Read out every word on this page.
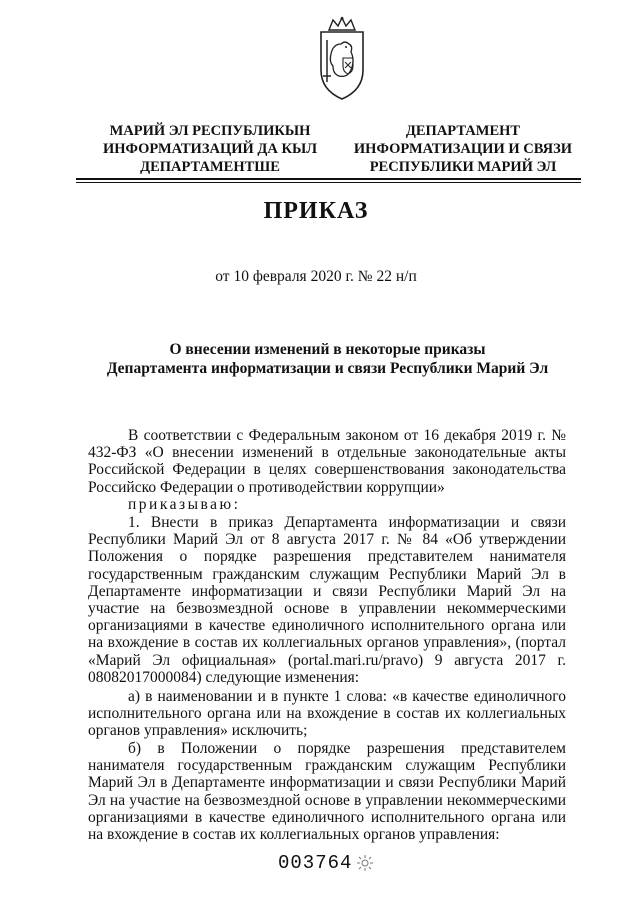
МАРИЙ ЭЛ РЕСПУБЛИКЫН
ИНФОРМАТИЗАЦИЙ ДА КЫЛ
ДЕПАРТАМЕНТШЕ
ДЕПАРТАМЕНТ
ИНФОРМАТИЗАЦИИ И СВЯЗИ
РЕСПУБЛИКИ МАРИЙ ЭЛ
ПРИКАЗ
от 10 февраля 2020 г. № 22 н/п
О внесении изменений в некоторые приказы
Департамента информатизации и связи Республики Марий Эл
В соответствии с Федеральным законом от 16 декабря 2019 г. № 432-ФЗ «О внесении изменений в отдельные законодательные акты Российской Федерации в целях совершенствования законодательства Российско Федерации о противодействии коррупции»
приказываю:
1. Внести в приказ Департамента информатизации и связи Республики Марий Эл от 8 августа 2017 г. № 84 «Об утверждении Положения о порядке разрешения представителем нанимателя государственным гражданским служащим Республики Марий Эл в Департаменте информатизации и связи Республики Марий Эл на участие на безвозмездной основе в управлении некоммерческими организациями в качестве единоличного исполнительного органа или на вхождение в состав их коллегиальных органов управления», (портал «Марий Эл официальная» (portal.mari.ru/pravo) 9 августа 2017 г. 08082017000084) следующие изменения:
а) в наименовании и в пункте 1 слова: «в качестве единоличного исполнительного органа или на вхождение в состав их коллегиальных органов управления» исключить;
б) в Положении о порядке разрешения представителем нанимателя государственным гражданским служащим Республики Марий Эл в Департаменте информатизации и связи Республики Марий Эл на участие на безвозмездной основе в управлении некоммерческими организациями в качестве единоличного исполнительного органа или на вхождение в состав их коллегиальных органов управления:
003764
